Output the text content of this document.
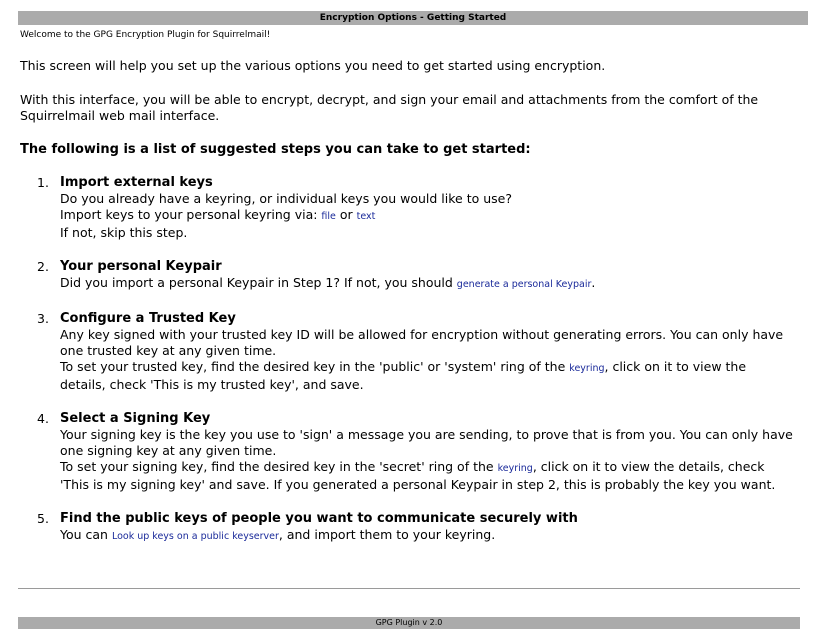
Encryption Options - Getting Started
Welcome to the GPG Encryption Plugin for Squirrelmail!

This screen will help you set up the various options you need to get started using encryption.

With this interface, you will be able to encrypt, decrypt, and sign your email and attachments from the comfort of the Squirrelmail web mail interface.

The following is a list of suggested steps you can take to get started:

1. Import external keys
Do you already have a keyring, or individual keys you would like to use?
Import keys to your personal keyring via: file or text
If not, skip this step.
2. Your personal Keypair
Did you import a personal Keypair in Step 1? If not, you should generate a personal Keypair.
3. Configure a Trusted Key
Any key signed with your trusted key ID will be allowed for encryption without generating errors. You can only have one trusted key at any given time.
To set your trusted key, find the desired key in the 'public' or 'system' ring of the keyring, click on it to view the details, check 'This is my trusted key', and save.
4. Select a Signing Key
Your signing key is the key you use to 'sign' a message you are sending, to prove that is from you. You can only have one signing key at any given time.
To set your signing key, find the desired key in the 'secret' ring of the keyring, click on it to view the details, check 'This is my signing key' and save. If you generated a personal Keypair in step 2, this is probably the key you want.
5. Find the public keys of people you want to communicate securely with
You can Look up keys on a public keyserver, and import them to your keyring.
GPG Plugin v 2.0
